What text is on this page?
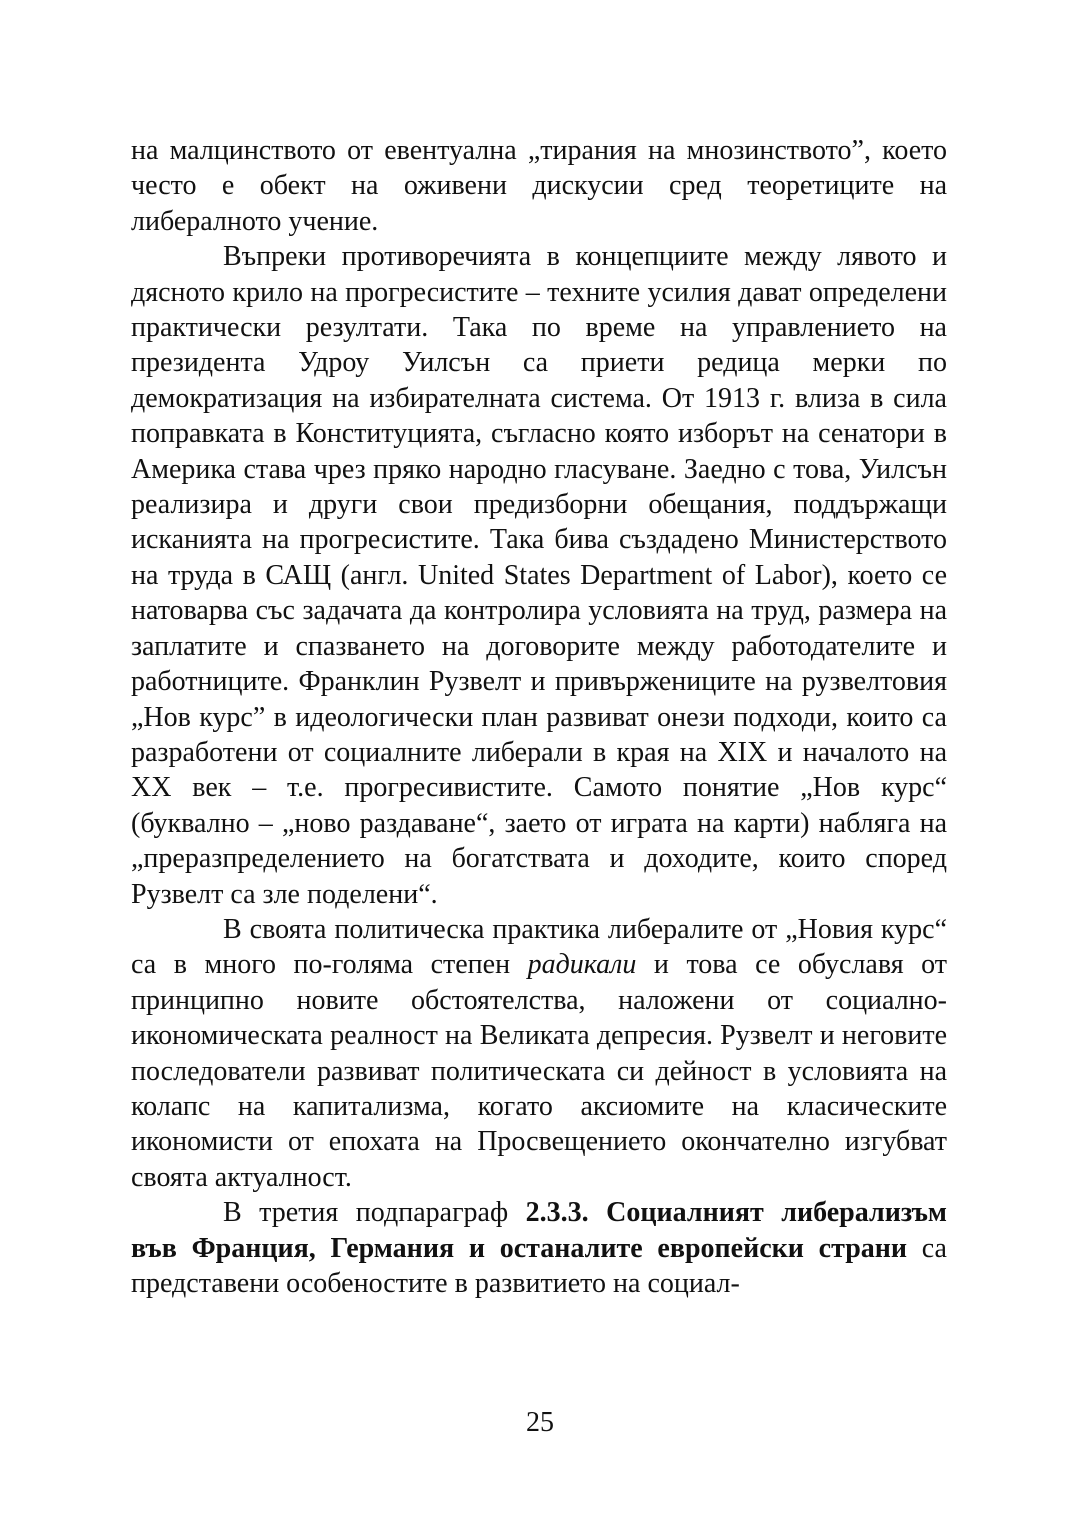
на малцинството от евентуална „тирания на мнозинството”, което често е обект на оживени дискусии сред теоретиците на либералното учение.

Въпреки противоречията в концепциите между лявото и дясното крило на прогресистите – техните усилия дават определени практически резултати. Така по време на управлението на президента Удроу Уилсън са приети редица мерки по демократизация на избирателната система. От 1913 г. влиза в сила поправката в Конституцията, съгласно която изборът на сенатори в Америка става чрез пряко народно гласуване. Заедно с това, Уилсън реализира и други свои предизборни обещания, поддържащи исканията на прогресистите. Така бива създадено Министерството на труда в САЩ (англ. United States Department of Labor), което се натоварва със задачата да контролира условията на труд, размера на заплатите и спазването на договорите между работодателите и работниците. Франклин Рузвелт и привържениците на рузвелтовия „Нов курс” в идеологически план развиват онези подходи, които са разработени от социалните либерали в края на XIX и началото на XX век – т.е. прогресивистите. Самото понятие „Нов курс“ (буквално – „ново раздаване“, заето от играта на карти) набляга на „преразпределението на богатствата и доходите, които според Рузвелт са зле поделени“.

В своята политическа практика либералите от „Новия курс“ са в много по-голяма степен радикали и това се обуславя от принципно новите обстоятелства, наложени от социално-икономическата реалност на Великата депресия. Рузвелт и неговите последователи развиват политическата си дейност в условията на колапс на капитализма, когато аксиомите на класическите икономисти от епохата на Просвещението окончателно изгубват своята актуалност.

В третия подпараграф 2.3.3. Социалният либерализъм във Франция, Германия и останалите европейски страни са представени особеностите в развитието на социал-

25
